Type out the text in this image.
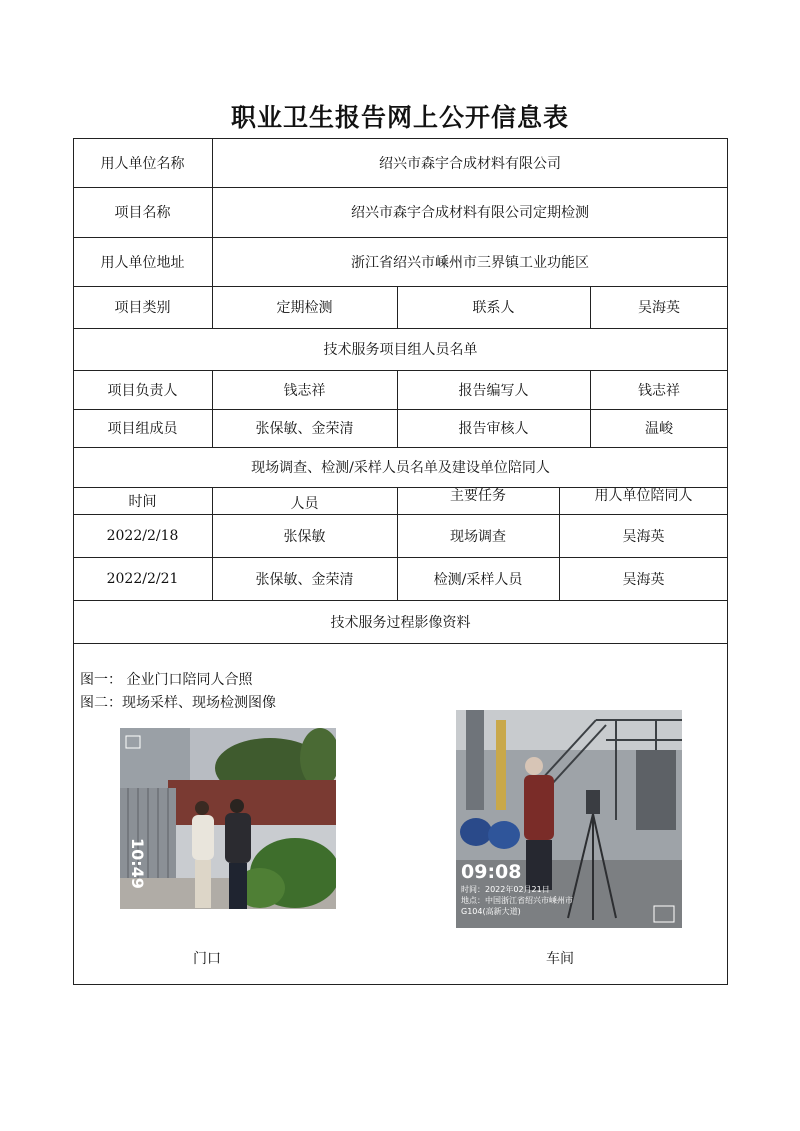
职业卫生报告网上公开信息表
用人单位名称	绍兴市森宇合成材料有限公司
项目名称	绍兴市森宇合成材料有限公司定期检测
用人单位地址	浙江省绍兴市嵊州市三界镇工业功能区
项目类别	定期检测	联系人	吴海英
技术服务项目组人员名单
项目负责人	钱志祥	报告编写人	钱志祥
项目组成员	张保敏、金荣清	报告审核人	温峻
现场调查、检测/采样人员名单及建设单位陪同人
时间	人员	主要任务	用人单位陪同人
2022/2/18	张保敏	现场调查	吴海英
2022/2/21	张保敏、金荣清	检测/采样人员	吴海英
技术服务过程影像资料
图一： 企业门口陪同人合照
图二：现场采样、现场检测图像
10:49	09:08
时间：2022年02月21日
地点：中国浙江省绍兴市嵊州市
G104(高新大道)
门口	车间
